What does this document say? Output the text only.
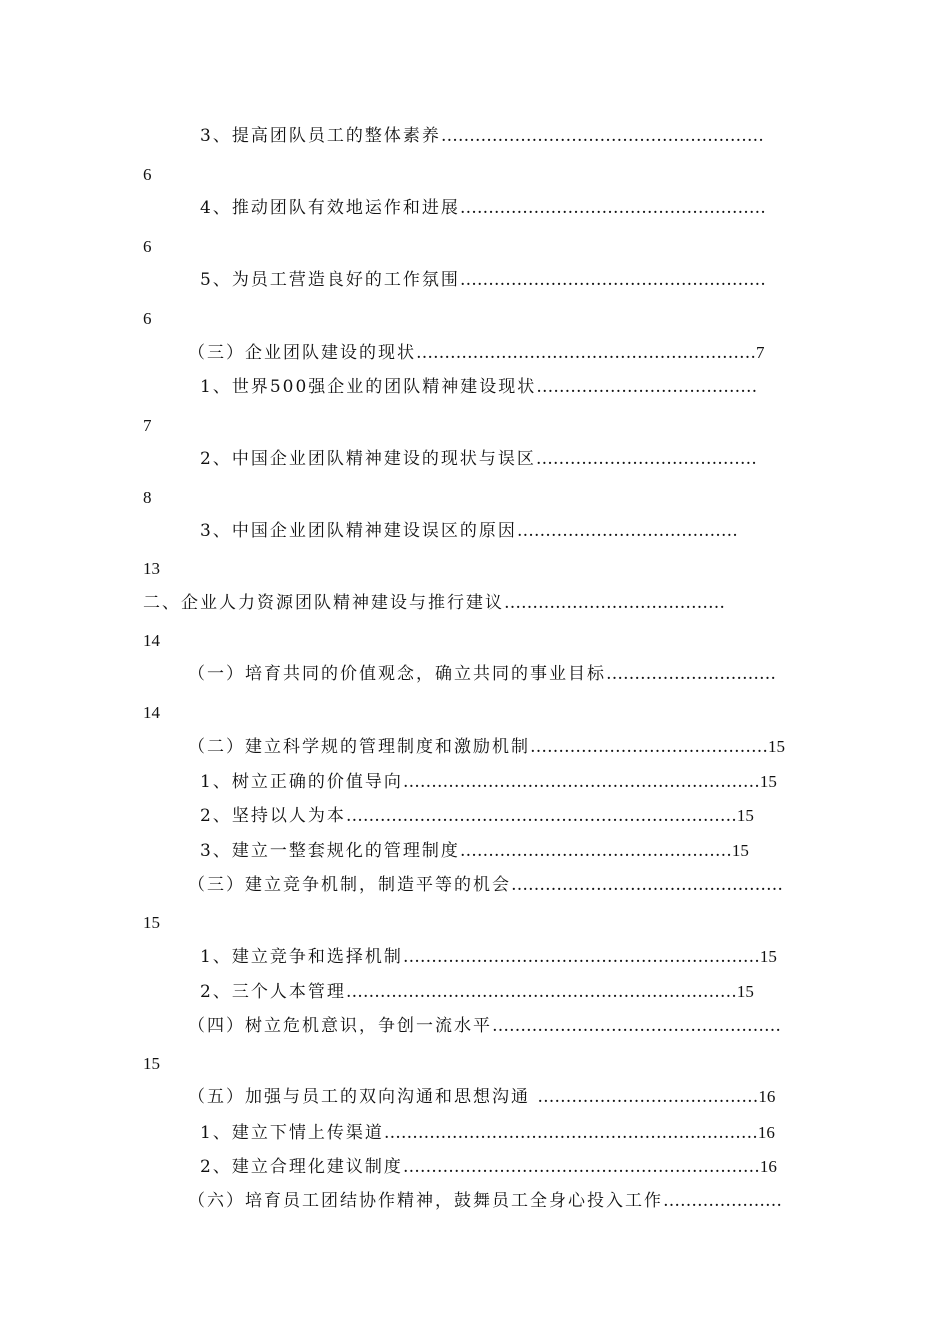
3、提高团队员工的整体素养…………………………………………………
6
4、推动团队有效地运作和进展………………………………………………
6
5、为员工营造良好的工作氛围………………………………………………
6
（三）企业团队建设的现状……………………………………………………7
1、世界500强企业的团队精神建设现状…………………………………
7
2、中国企业团队精神建设的现状与误区…………………………………
8
3、中国企业团队精神建设误区的原因…………………………………
13
二、企业人力资源团队精神建设与推行建议…………………………………
14
（一）培育共同的价值观念，确立共同的事业目标…………………………
14
（二）建立科学规的管理制度和激励机制……………………………………15
1、树立正确的价值导向………………………………………………………15
2、坚持以人为本……………………………………………………………15
3、建立一整套规化的管理制度…………………………………………15
（三）建立竞争机制，制造平等的机会…………………………………………
15
1、建立竞争和选择机制………………………………………………………15
2、三个人本管理……………………………………………………………15
（四）树立危机意识，争创一流水平……………………………………………
15
（五）加强与员工的双向沟通和思想沟通 …………………………………16
1、建立下情上传渠道…………………………………………………………16
2、建立合理化建议制度………………………………………………………16
（六）培育员工团结协作精神，鼓舞员工全身心投入工作…………………
